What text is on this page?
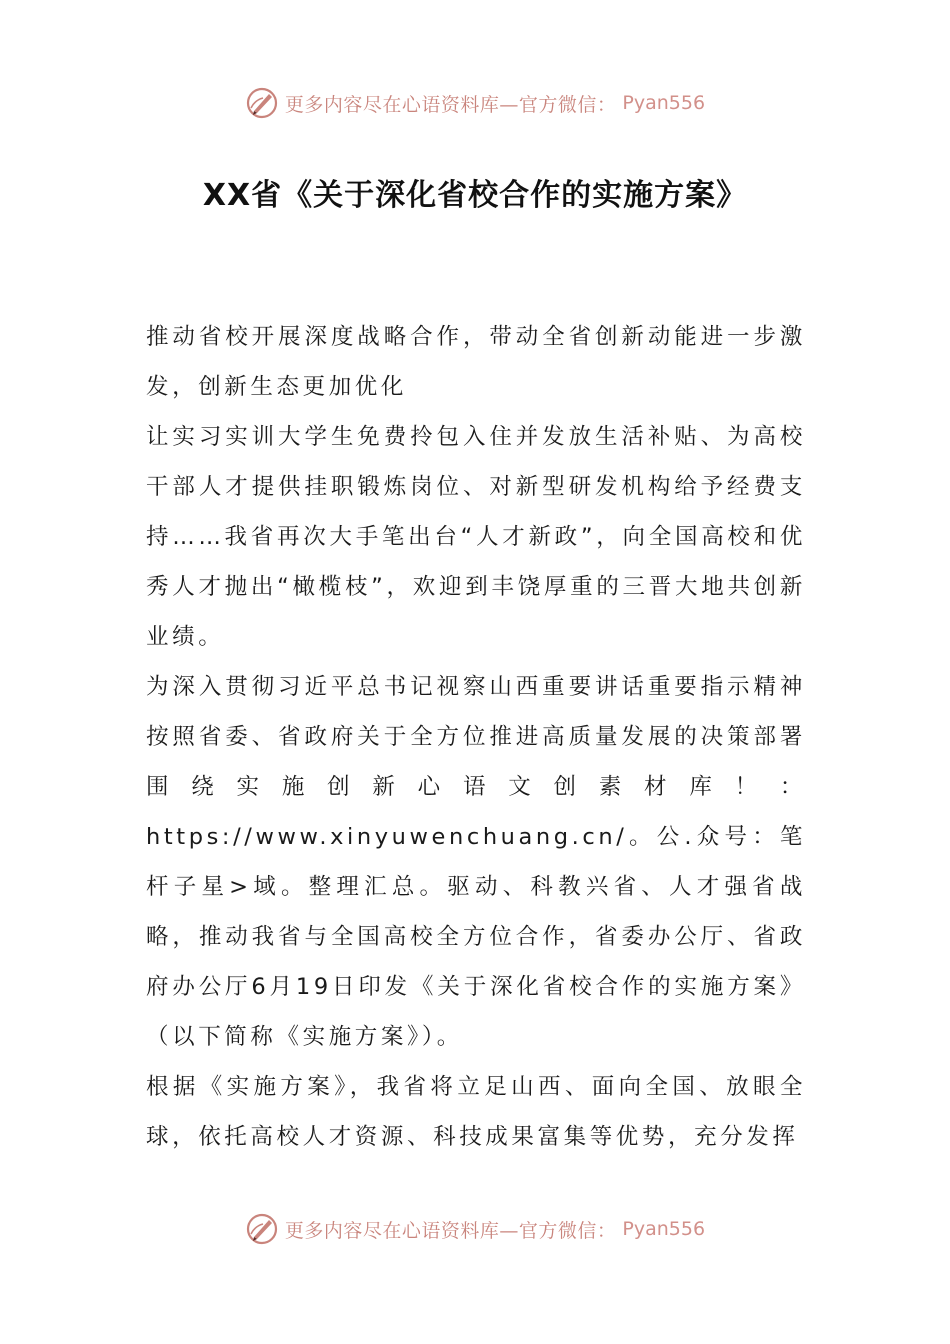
更多内容尽在心语资料库—官方微信： Pyan556
XX省《关于深化省校合作的实施方案》

推动省校开展深度战略合作，带动全省创新动能进一步激发，创新生态更加优化

让实习实训大学生免费拎包入住并发放生活补贴、为高校干部人才提供挂职锻炼岗位、对新型研发机构给予经费支持……我省再次大手笔出台“人才新政”，向全国高校和优秀人才抛出“橄榄枝”，欢迎到丰饶厚重的三晋大地共创新业绩。

为深入贯彻习近平总书记视察山西重要讲话重要指示精神按照省委、省政府关于全方位推进高质量发展的决策部署围绕实施创新心语文创素材库！：https://www.xinyuwenchuang.cn/。公.众号：笔杆子星>域。整理汇总。驱动、科教兴省、人才强省战略，推动我省与全国高校全方位合作，省委办公厅、省政府办公厅6月19日印发《关于深化省校合作的实施方案》（以下简称《实施方案》）。

根据《实施方案》，我省将立足山西、面向全国、放眼全球，依托高校人才资源、科技成果富集等优势，充分发挥

更多内容尽在心语资料库—官方微信： Pyan556
